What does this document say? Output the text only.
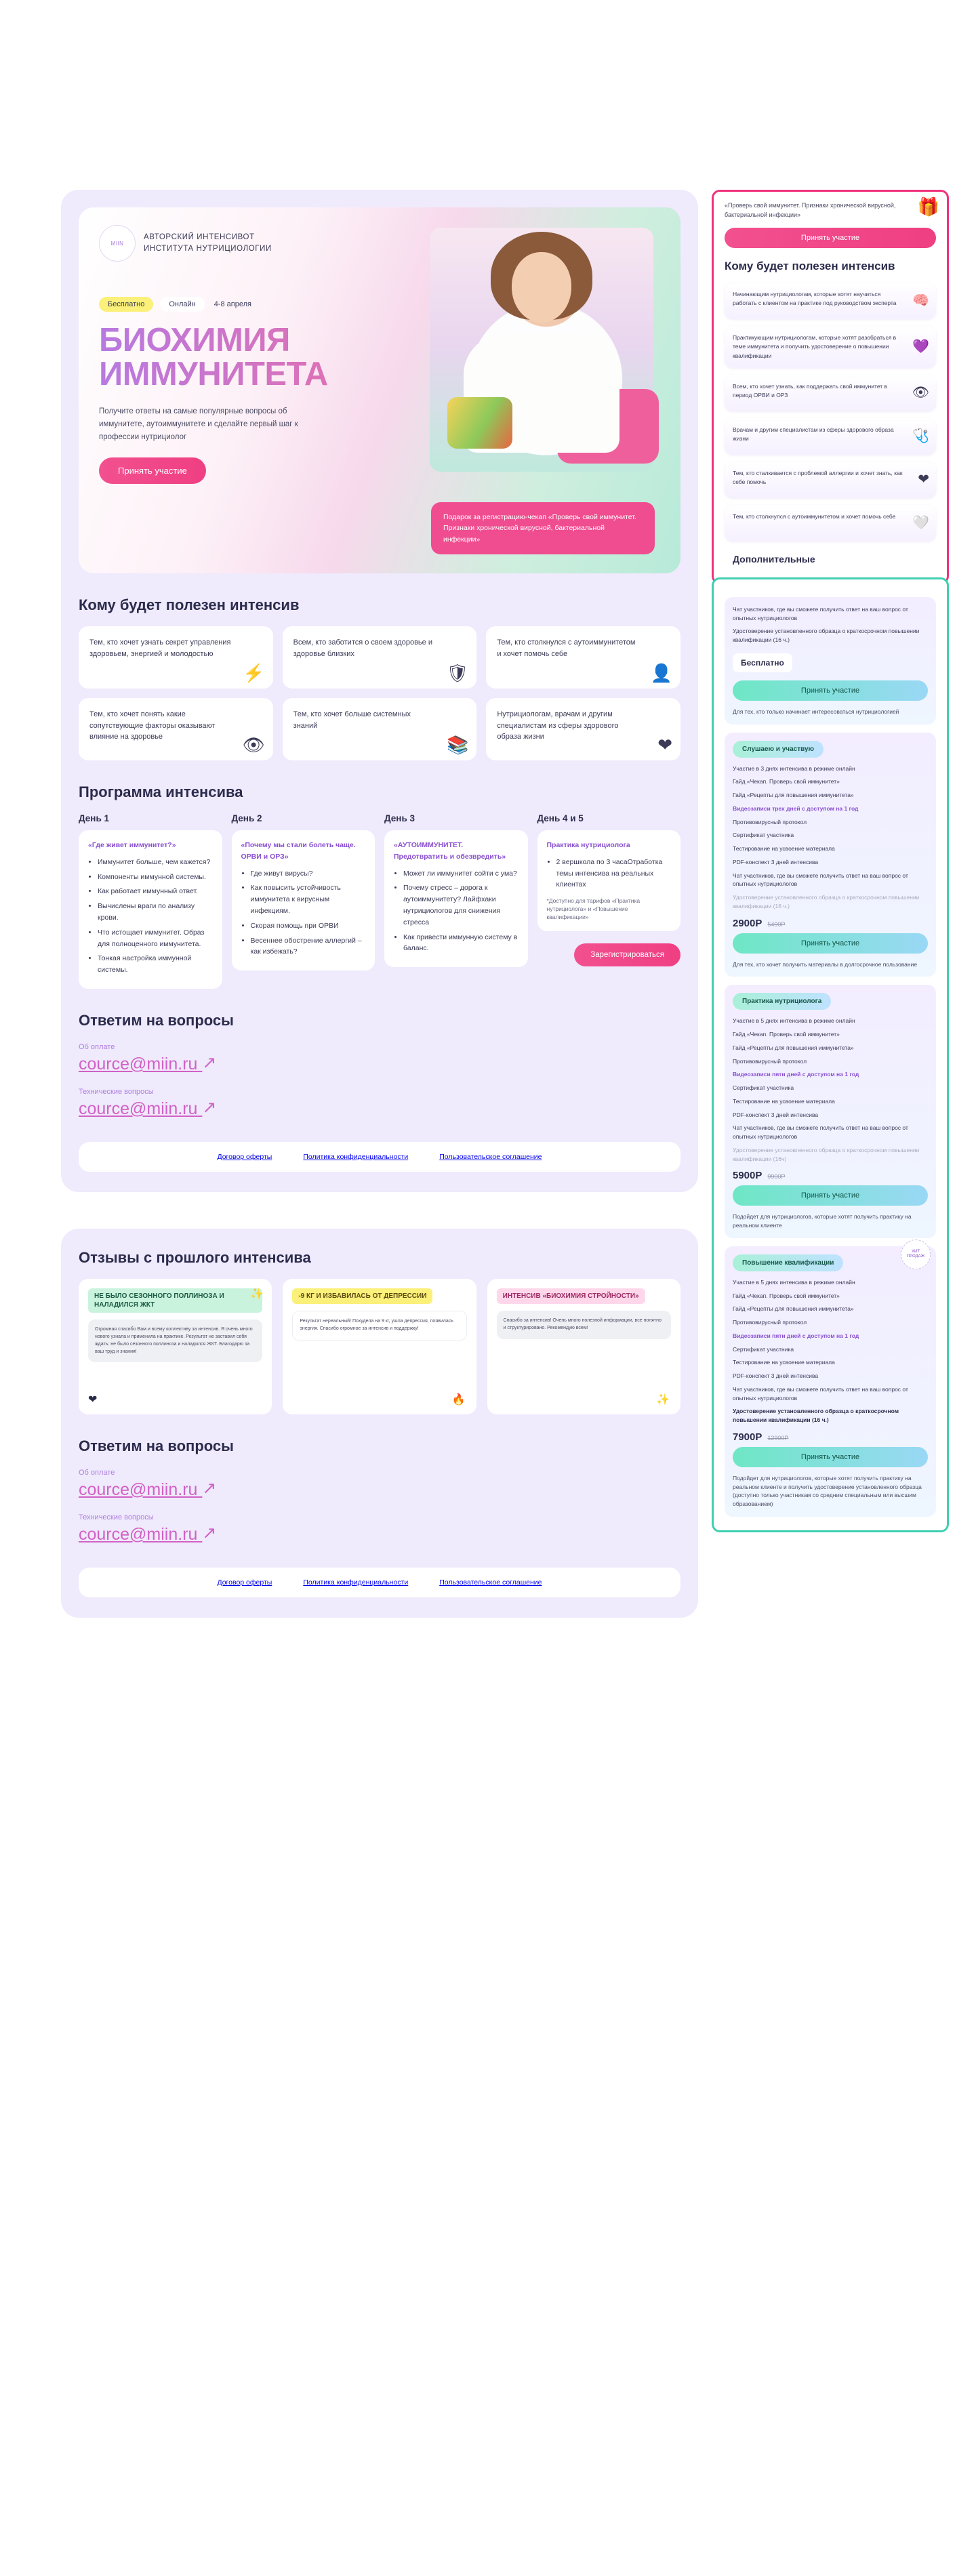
MIIN
АВТОРСКИЙ ИНТЕНСИВОТ
ИНСТИТУТА НУТРИЦИОЛОГИИ
Бесплатно	Онлайн	4-8 апреля
БИОХИМИЯ
ИММУНИТЕТА
Получите ответы на самые популярные вопросы об иммунитете, аутоиммунитете и сделайте первый шаг к профессии нутрициолог
Принять участие
Подарок за регистрацию-чекап «Проверь свой иммунитет. Признаки хронической вирусной, бактериальной инфекции»
Кому будет полезен интенсив
Тем, кто хочет узнать секрет управления здоровьем, энергией и молодостью
⚡
Всем, кто заботится о своем здоровье и здоровье близких
🛡
Тем, кто столкнулся с аутоиммунитетом и хочет помочь себе
👤
Тем, кто хочет понять какие сопутствующие факторы оказывают влияние на здоровье	👁
Тем, кто хочет больше системных знаний
📚
Нутрициологам, врачам и другим специалистам из сферы здорового образа жизни	❤
Программа интенсива
День 1
«Где живет иммунитет?»
• Иммунитет больше, чем кажется?
• Компоненты иммунной системы.
• Как работает иммунный ответ.
• Вычислены враги по анализу крови.
• Что истощает иммунитет. Образ для полноценного иммунитета.
• Тонкая настройка иммунной системы.
День 2
«Почему мы стали болеть чаще. ОРВИ и ОРЗ»
• Где живут вирусы?
• Как повысить устойчивость иммунитета к вирусным инфекциям.
• Скорая помощь при ОРВИ
• Весеннее обострение аллергий – как избежать?
День 3
«АУТОИММУНИТЕТ. Предотвратить и обезвредить»
• Может ли иммунитет сойти с ума?
• Почему стресс – дорога к аутоиммунитету? Лайфхаки нутрициологов для снижения стресса
• Как привести иммунную систему в баланс.
День 4 и 5
Практика нутрициолога
• 2 вершкола по 3 часаОтработка темы интенсива на реальных клиентах
*Доступно для тарифов «Практика нутрициолога» и «Повышение квалификации»
Зарегистрироваться
Ответим на вопросы
Об оплате
cource@miin.ru ↗
Технические вопросы
cource@miin.ru ↗
Договор оферты	Политика конфиденциальности	Пользовательское соглашение
Отзывы с прошлого интенсива
НЕ БЫЛО СЕЗОННОГО ПОЛЛИНОЗА И НАЛАДИЛСЯ ЖКТ
✨
Огромная спасибо Вам и всему коллективу за интенсив. Я очень много нового узнала и применила на практике. Результат не заставил себя ждать: не было сезонного поллиноза и наладился ЖКТ. Благодарю за ваш труд и знания!
❤
-9 КГ И ИЗБАВИЛАСЬ ОТ ДЕПРЕССИИ
Результат нереальный! Похудела на 9 кг, ушла депрессия, появилась энергия. Спасибо огромное за интенсив и поддержку!
🔥
ИНТЕНСИВ «БИОХИМИЯ СТРОЙНОСТИ»
Спасибо за интенсив! Очень много полезной информации, все понятно и структурировано. Рекомендую всем!
✨
Ответим на вопросы
Об оплате
cource@miin.ru ↗
Технические вопросы
cource@miin.ru ↗
Договор оферты	Политика конфиденциальности	Пользовательское соглашение
🎁
«Проверь свой иммунитет. Признаки хронической вирусной, бактериальной инфекции»
Принять участие
Кому будет полезен интенсив
Начинающим нутрициологам, которые хотят научиться работать с клиентом на практике под руководством эксперта 🧠
Практикующим нутрициологам, которые хотят разобраться в теме иммунитета и получить удостоверение о повышении квалификации
💜
Всем, кто хочет узнать, как поддержать свой иммунитет в период ОРВИ и ОРЗ	👁
Врачам и другим специалистам из сферы здорового образа жизни	🩺
Тем, кто сталкивается с проблемой аллергии и хочет знать, как себе помочь	❤
Тем, кто столкнулся с аутоиммунитетом и хочет помочь себе 🤍
Дополнительные
Чат участников, где вы сможете получить ответ на ваш вопрос от опытных нутрициологов
Удостоверение установленного образца о краткосрочном повышении квалификации (16 ч.)
Бесплатно
Принять участие
Для тех, кто только начинает интересоваться нутрициологией
Слушаею и участвую
Участие в 3 днях интенсива в режиме онлайн
Гайд «Чекап. Проверь свой иммунитет»
Гайд «Рецепты для повышения иммунитета»
Видеозаписи трех дней с доступом на 1 год
Противовирусный протокол
Сертификат участника
Тестирование на усвоение материала
PDF-конспект 3 дней интенсива
Чат участников, где вы сможете получить ответ на ваш вопрос от опытных нутрициологов
Удостоверение установленного образца о краткосрочном повышении квалификации (16 ч.)
2900Р 5490Р
Принять участие
Для тех, кто хочет получить материалы в долгосрочное пользование
Практика нутрициолога
Участие в 5 днях интенсива в режиме онлайн
Гайд «Чекап. Проверь свой иммунитет»
Гайд «Рецепты для повышения иммунитета»
Противовирусный протокол
Видеозаписи пяти дней с доступом на 1 год
Сертификат участника
Тестирование на усвоение материала
PDF-конспект 3 дней интенсива
Чат участников, где вы сможете получить ответ на ваш вопрос от опытных нутрициологов
Удостоверение установленного образца о краткосрочном повышении квалификации (16ч)
5900Р 9900Р
Принять участие
Подойдет для нутрициологов, которые хотят получить практику на реальном клиенте
ХИТ ПРОДАЖ
Повышение квалификации
Участие в 5 днях интенсива в режиме онлайн
Гайд «Чекап. Проверь свой иммунитет»
Гайд «Рецепты для повышения иммунитета»
Противовирусный протокол
Видеозаписи пяти дней с доступом на 1 год
Сертификат участника
Тестирование на усвоение материала
PDF-конспект 3 дней интенсива
Чат участников, где вы сможете получить ответ на ваш вопрос от опытных нутрициологов
Удостоверение установленного образца о краткосрочном повышении квалификации (16 ч.)
7900Р 12900Р
Принять участие
Подойдет для нутрициологов, которые хотят получить практику на реальном клиенте и получить удостоверение установленного образца (доступно только участникам со средним специальным или высшим образованием)
